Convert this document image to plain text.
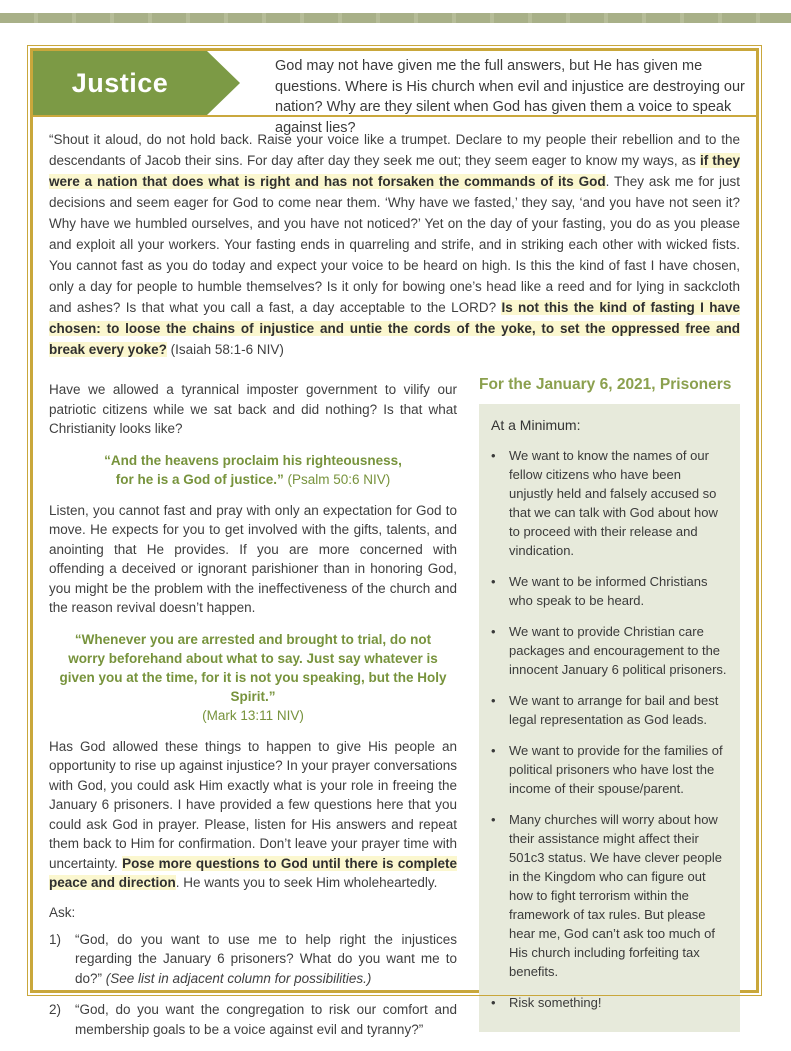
Justice
God may not have given me the full answers, but He has given me questions. Where is His church when evil and injustice are destroying our nation? Why are they silent when God has given them a voice to speak against lies?
“Shout it aloud, do not hold back. Raise your voice like a trumpet. Declare to my people their rebellion and to the descendants of Jacob their sins. For day after day they seek me out; they seem eager to know my ways, as if they were a nation that does what is right and has not forsaken the commands of its God. They ask me for just decisions and seem eager for God to come near them. ‘Why have we fasted,’ they say, ‘and you have not seen it? Why have we humbled ourselves, and you have not noticed?’ Yet on the day of your fasting, you do as you please and exploit all your workers. Your fasting ends in quarreling and strife, and in striking each other with wicked fists. You cannot fast as you do today and expect your voice to be heard on high. Is this the kind of fast I have chosen, only a day for people to humble themselves? Is it only for bowing one’s head like a reed and for lying in sackcloth and ashes? Is that what you call a fast, a day acceptable to the LORD? Is not this the kind of fasting I have chosen: to loose the chains of injustice and untie the cords of the yoke, to set the oppressed free and break every yoke? (Isaiah 58:1-6 NIV)

Have we allowed a tyrannical imposter government to vilify our patriotic citizens while we sat back and did nothing? Is that what Christianity looks like?

“And the heavens proclaim his righteousness,
for he is a God of justice.” (Psalm 50:6 NIV)

Listen, you cannot fast and pray with only an expectation for God to move. He expects for you to get involved with the gifts, talents, and anointing that He provides. If you are more concerned with offending a deceived or ignorant parishioner than in honoring God, you might be the problem with the ineffectiveness of the church and the reason revival doesn’t happen.

“Whenever you are arrested and brought to trial, do not worry beforehand about what to say. Just say whatever is given you at the time, for it is not you speaking, but the Holy Spirit.”
(Mark 13:11 NIV)

Has God allowed these things to happen to give His people an opportunity to rise up against injustice? In your prayer conversations with God, you could ask Him exactly what is your role in freeing the January 6 prisoners. I have provided a few questions here that you could ask God in prayer. Please, listen for His answers and repeat them back to Him for confirmation. Don’t leave your prayer time with uncertainty. Pose more questions to God until there is complete peace and direction. He wants you to seek Him wholeheartedly.

Ask:

1)	“God, do you want to use me to help right the injustices regarding the January 6 prisoners? What do you want me to do?” (See list in adjacent column for possibilities.)
2)	“God, do you want the congregation to risk our comfort and membership goals to be a voice against evil and tyranny?”
For the January 6, 2021, Prisoners
At a Minimum:
•
We want to know the names of our fellow citizens who have been unjustly held and falsely accused so that we can talk with God about how to proceed with their release and vindication.
•
We want to be informed Christians who speak to be heard.
•
We want to provide Christian care packages and encouragement to the innocent January 6 political prisoners.
•
We want to arrange for bail and best legal representation as God leads.
•
We want to provide for the families of political prisoners who have lost the income of their spouse/parent.
•
Many churches will worry about how their assistance might affect their 501c3 status. We have clever people in the Kingdom who can figure out how to fight terrorism within the framework of tax rules. But please hear me, God can’t ask too much of His church including forfeiting tax benefits.
•
Risk something!
